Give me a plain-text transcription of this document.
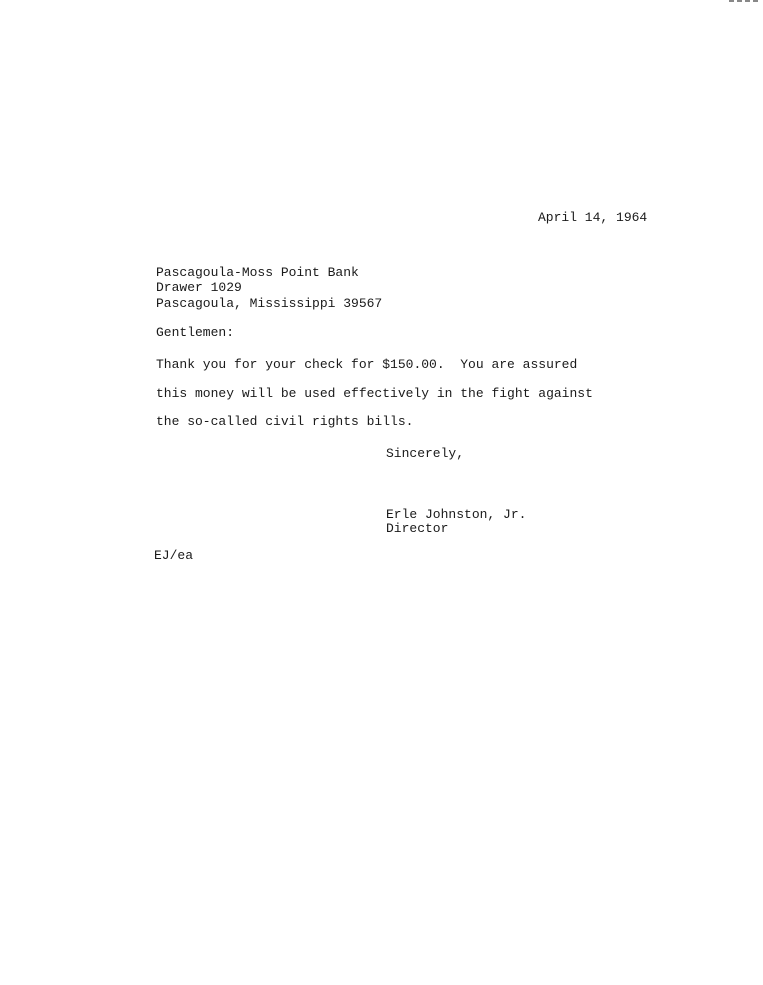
April 14, 1964
Pascagoula-Moss Point Bank
Drawer 1029
Pascagoula, Mississippi 39567
Gentlemen:
Thank you for your check for $150.00.  You are assured
this money will be used effectively in the fight against
the so-called civil rights bills.
Sincerely,
Erle Johnston, Jr.
Director
EJ/ea
